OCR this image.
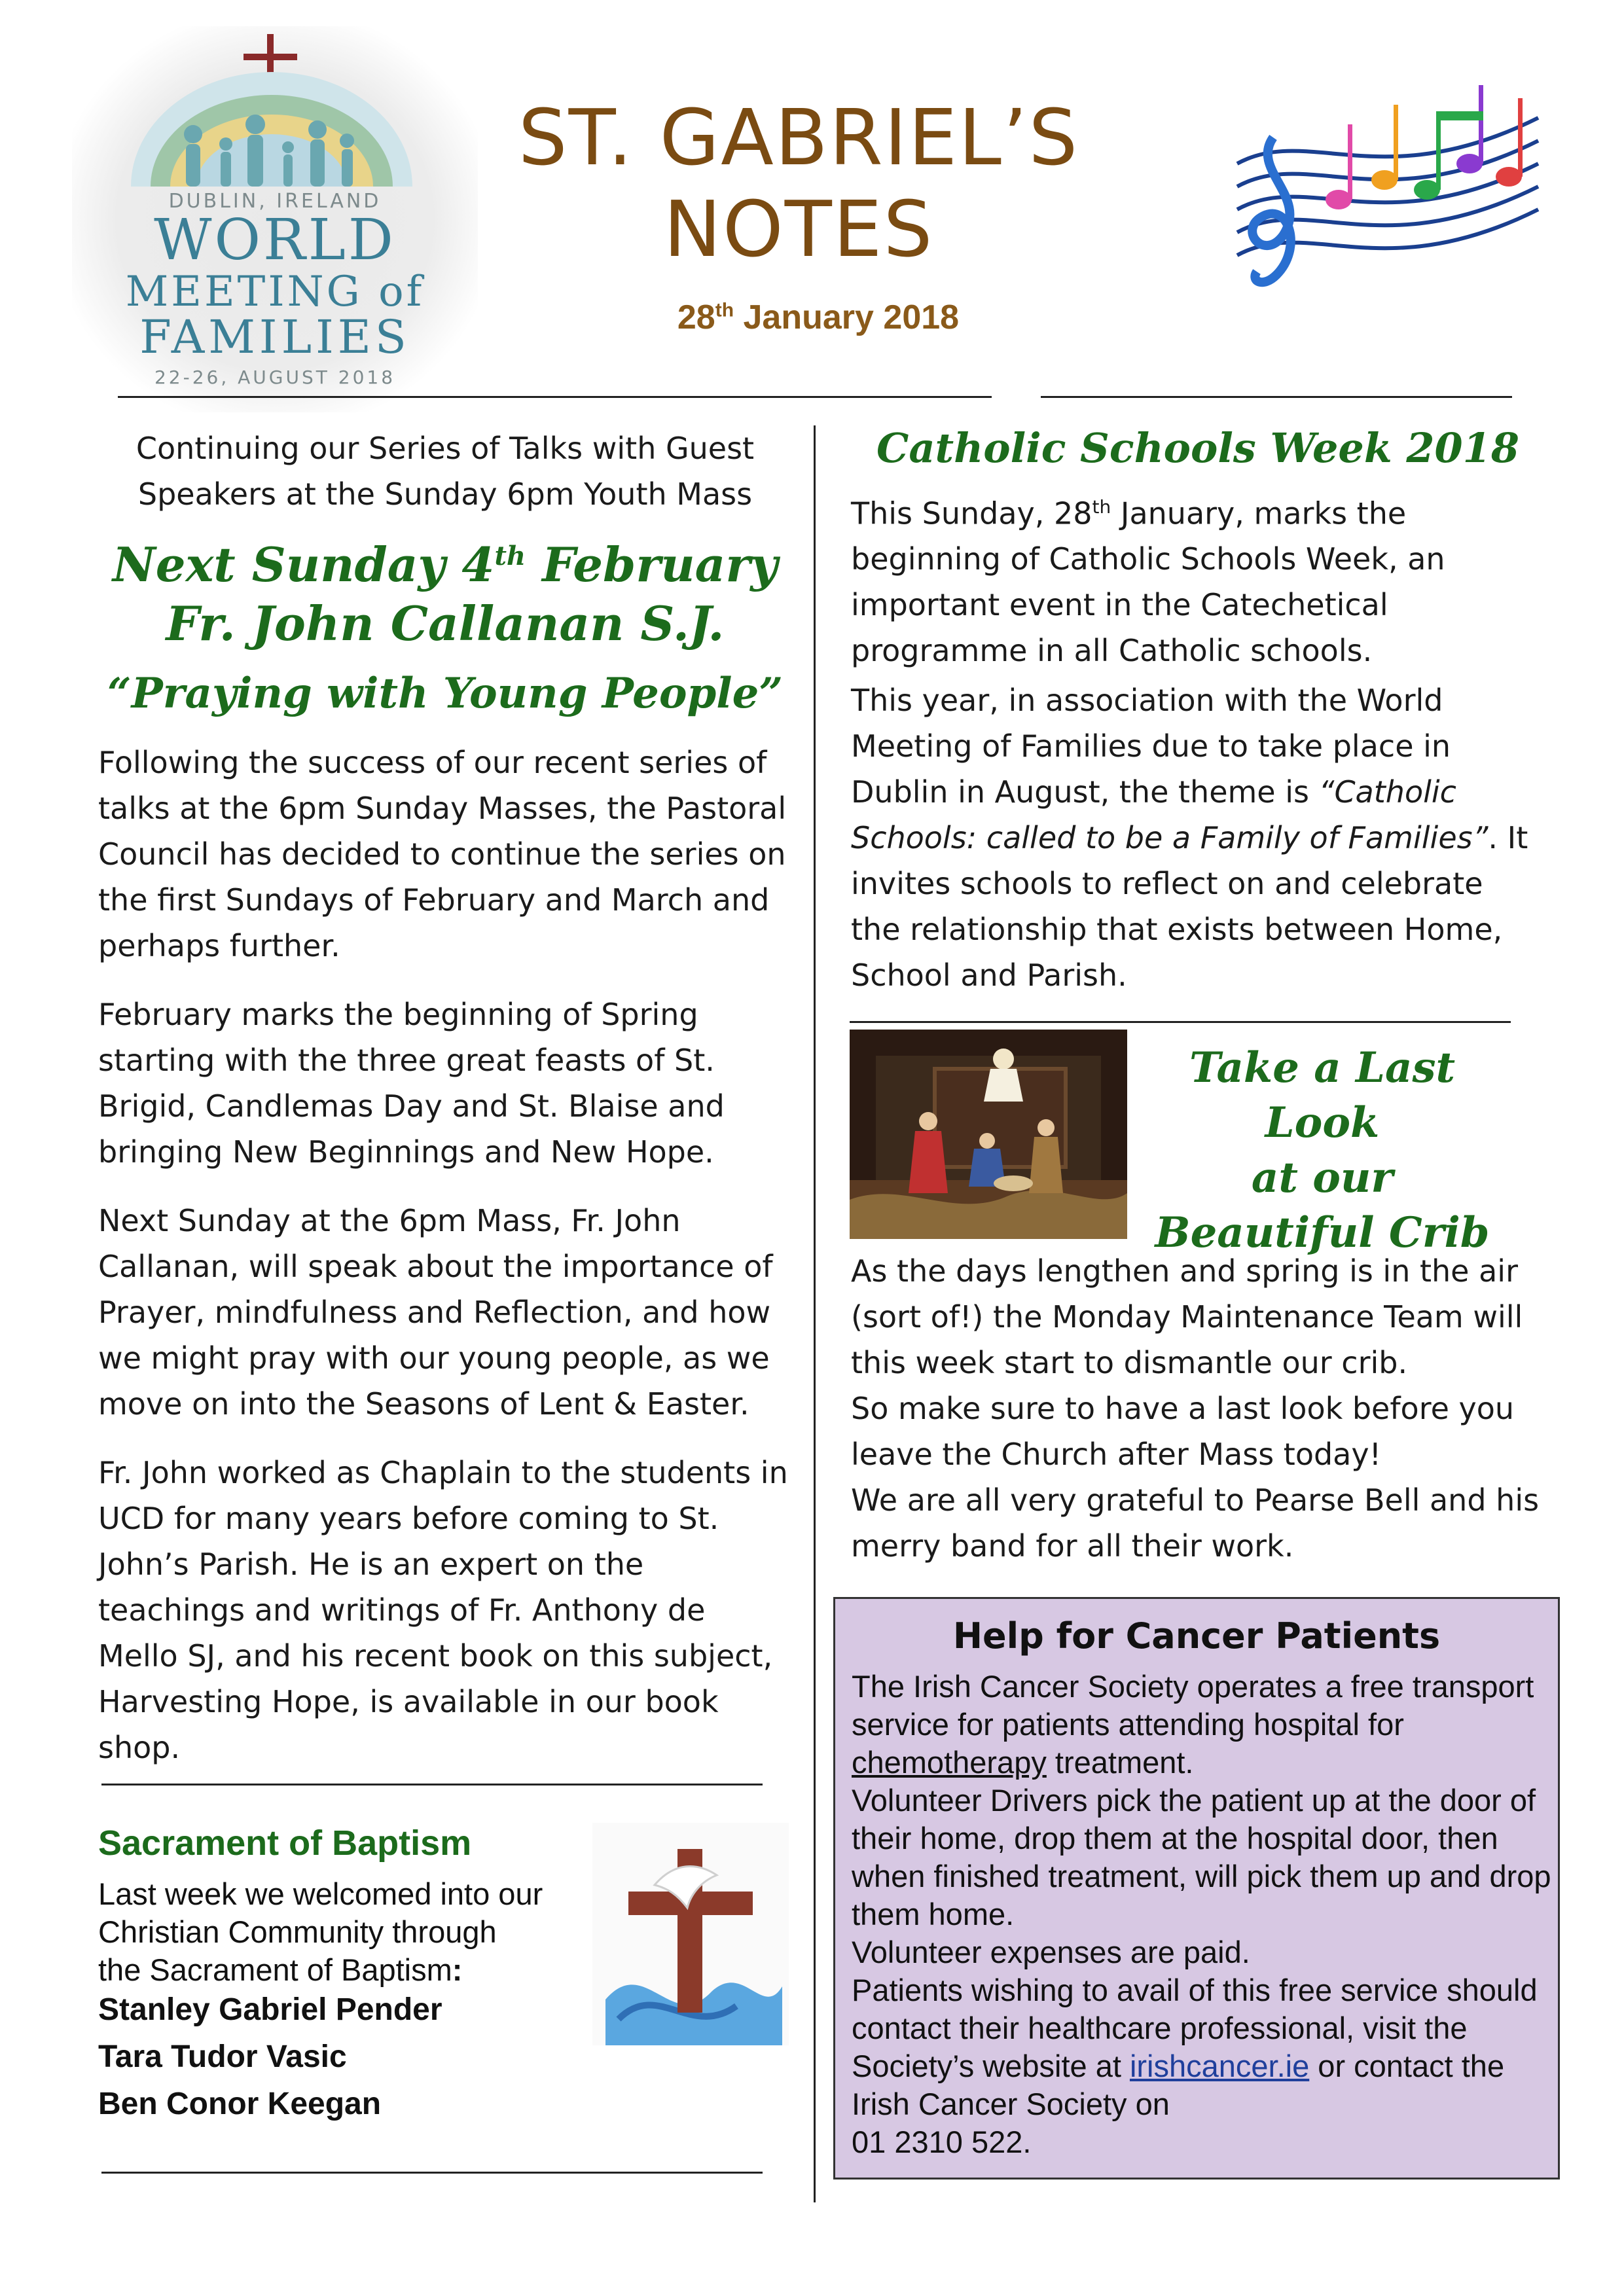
DUBLIN, IRELAND
WORLD
MEETING of
FAMILIES
22-26, AUGUST 2018
ST. GABRIEL’S
NOTES
28th January 2018
Continuing our Series of Talks with Guest
Speakers at the Sunday 6pm Youth Mass
Next Sunday 4th February
Fr. John Callanan S.J.
“Praying with Young People”
Following the success of our recent series of talks at the 6pm Sunday Masses, the Pastoral Council has decided to continue the series on the first Sundays of February and March and perhaps further.
February marks the beginning of Spring starting with the three great feasts of St. Brigid, Candlemas Day and St. Blaise and bringing New Beginnings and New Hope.
Next Sunday at the 6pm Mass, Fr. John Callanan, will speak about the importance of Prayer, mindfulness and Reflection, and how we might pray with our young people, as we move on into the Seasons of Lent & Easter.
Fr. John worked as Chaplain to the students in UCD for many years before coming to St. John’s Parish. He is an expert on the teachings and writings of Fr. Anthony de Mello SJ, and his recent book on this subject, Harvesting Hope, is available in our book shop.
Sacrament of Baptism
Last week we welcomed into our
Christian Community through
the Sacrament of Baptism:
Stanley Gabriel Pender
Tara Tudor Vasic
Ben Conor Keegan
Catholic Schools Week 2018
This Sunday, 28th January, marks the beginning of Catholic Schools Week, an important event in the Catechetical programme in all Catholic schools.
This year, in association with the World Meeting of Families due to take place in Dublin in August, the theme is “Catholic Schools: called to be a Family of Families”. It invites schools to reflect on and celebrate the relationship that exists between Home, School and Parish.
Take a Last Look
at our
Beautiful Crib
As the days lengthen and spring is in the air (sort of!) the Monday Maintenance Team will this week start to dismantle our crib.
So make sure to have a last look before you leave the Church after Mass today!
We are all very grateful to Pearse Bell and his merry band for all their work.
Help for Cancer Patients
The Irish Cancer Society operates a free transport service for patients attending hospital for chemotherapy treatment.
Volunteer Drivers pick the patient up at the door of their home, drop them at the hospital door, then when finished treatment, will pick them up and drop them home.
Volunteer expenses are paid.
Patients wishing to avail of this free service should contact their healthcare professional, visit the Society’s website at irishcancer.ie or contact the Irish Cancer Society on
01 2310 522.
